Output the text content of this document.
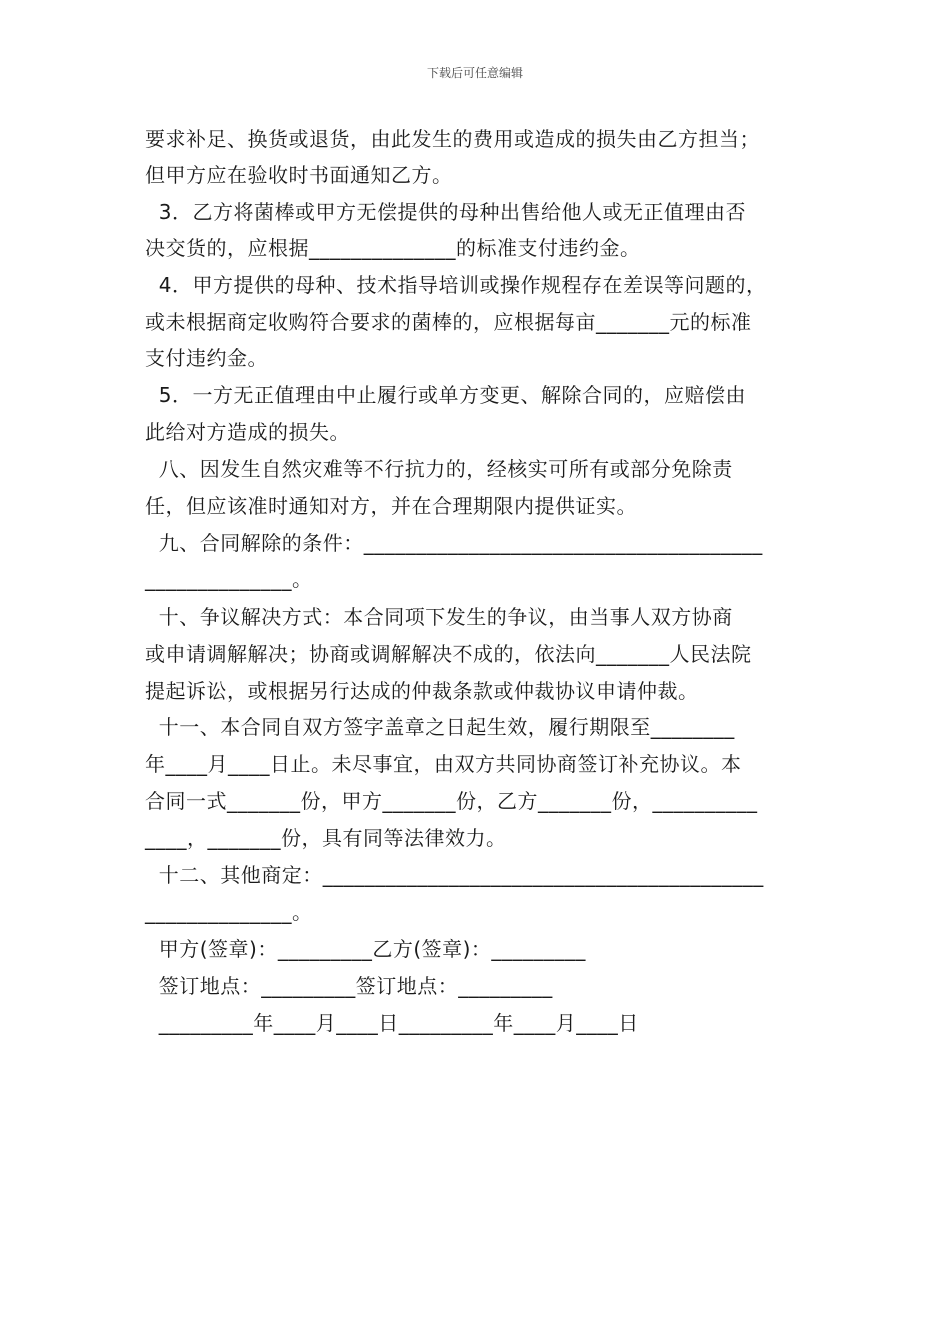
下载后可任意编辑
要求补足、换货或退货，由此发生的费用或造成的损失由乙方担当；
但甲方应在验收时书面通知乙方。
3．乙方将菌棒或甲方无偿提供的母种出售给他人或无正值理由否
决交货的，应根据______________的标准支付违约金。
4．甲方提供的母种、技术指导培训或操作规程存在差误等问题的，
或未根据商定收购符合要求的菌棒的，应根据每亩_______元的标准
支付违约金。
5．一方无正值理由中止履行或单方变更、解除合同的，应赔偿由
此给对方造成的损失。
八、因发生自然灾难等不行抗力的，经核实可所有或部分免除责
任，但应该准时通知对方，并在合理期限内提供证实。
九、合同解除的条件：______________________________________
______________。
十、争议解决方式：本合同项下发生的争议，由当事人双方协商
或申请调解解决；协商或调解解决不成的，依法向_______人民法院
提起诉讼，或根据另行达成的仲裁条款或仲裁协议申请仲裁。
十一、本合同自双方签字盖章之日起生效，履行期限至________
年____月____日止。未尽事宜，由双方共同协商签订补充协议。本
合同一式_______份，甲方_______份，乙方_______份，__________
____，_______份，具有同等法律效力。
十二、其他商定：__________________________________________
______________。
甲方(签章)：_________乙方(签章)：_________
签订地点：_________签订地点：_________
_________年____月____日_________年____月____日
